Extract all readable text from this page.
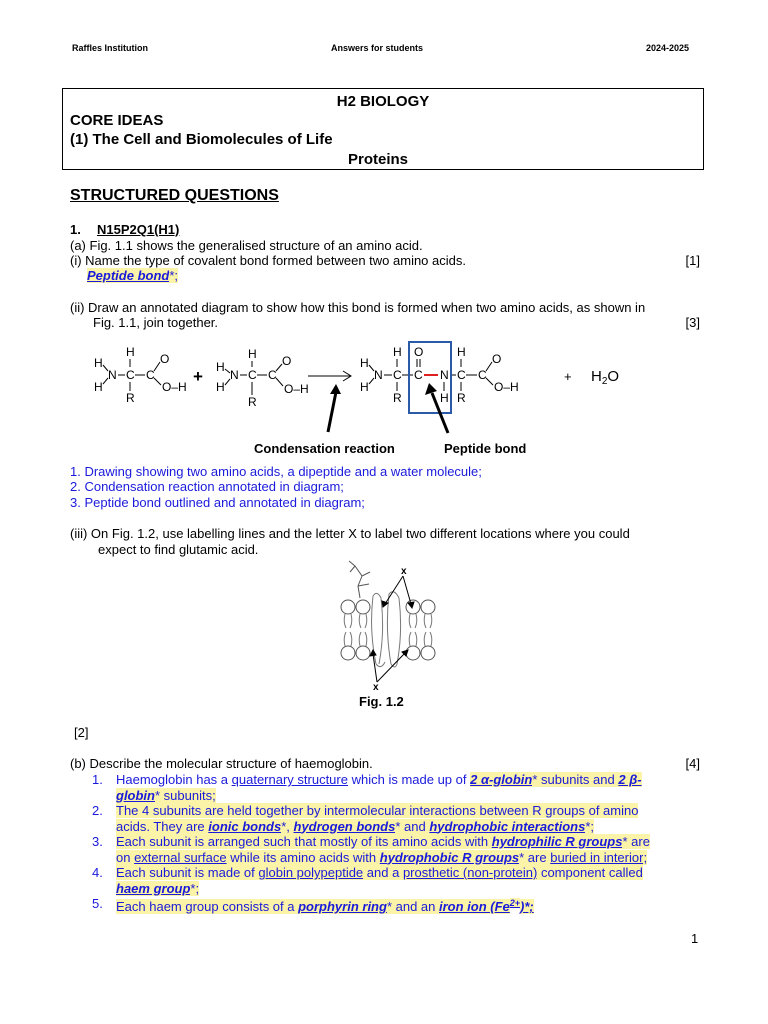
Raffles Institution	Answers for students	2024-2025
H2 BIOLOGY
CORE IDEAS
(1) The Cell and Biomolecules of Life
Proteins
STRUCTURED QUESTIONS
1. N15P2Q1(H1)
(a) Fig. 1.1 shows the generalised structure of an amino acid.
(i) Name the type of covalent bond formed between two amino acids.	[1]
Peptide bond*;
(ii) Draw an annotated diagram to show how this bond is formed when two amino acids, as shown in
Fig. 1.1, join together.	[3]
H
H
N
H
C
R
C
O
O–H
+ H
H
N
H
C
R
C
O
O–H
H
H
N
H
C
R
O
C N
H
H
C
R
C
O
O–H
+ $H_2O$
Condensation reaction	Peptide bond
1. Drawing showing two amino acids, a dipeptide and a water molecule;
2. Condensation reaction annotated in diagram;
3. Peptide bond outlined and annotated in diagram;
(iii) On Fig. 1.2, use labelling lines and the letter X to label two different locations where you could
expect to find glutamic acid.
x
x
Fig. 1.2
[2]
(b) Describe the molecular structure of haemoglobin.	[4]
1. Haemoglobin has a quaternary structure which is made up of 2 α-globin* subunits and 2 β-
globin* subunits;
2. The 4 subunits are held together by intermolecular interactions between R groups of amino
acids. They are ionic bonds*, hydrogen bonds* and hydrophobic interactions*;
3. Each subunit is arranged such that mostly of its amino acids with hydrophilic R groups* are
on external surface while its amino acids with hydrophobic R groups* are buried in interior;
4. Each subunit is made of globin polypeptide and a prosthetic (non-protein) component called
haem group*;
5. Each haem group consists of a porphyrin ring* and an iron ion $(Fe^{2+})*$;
1
